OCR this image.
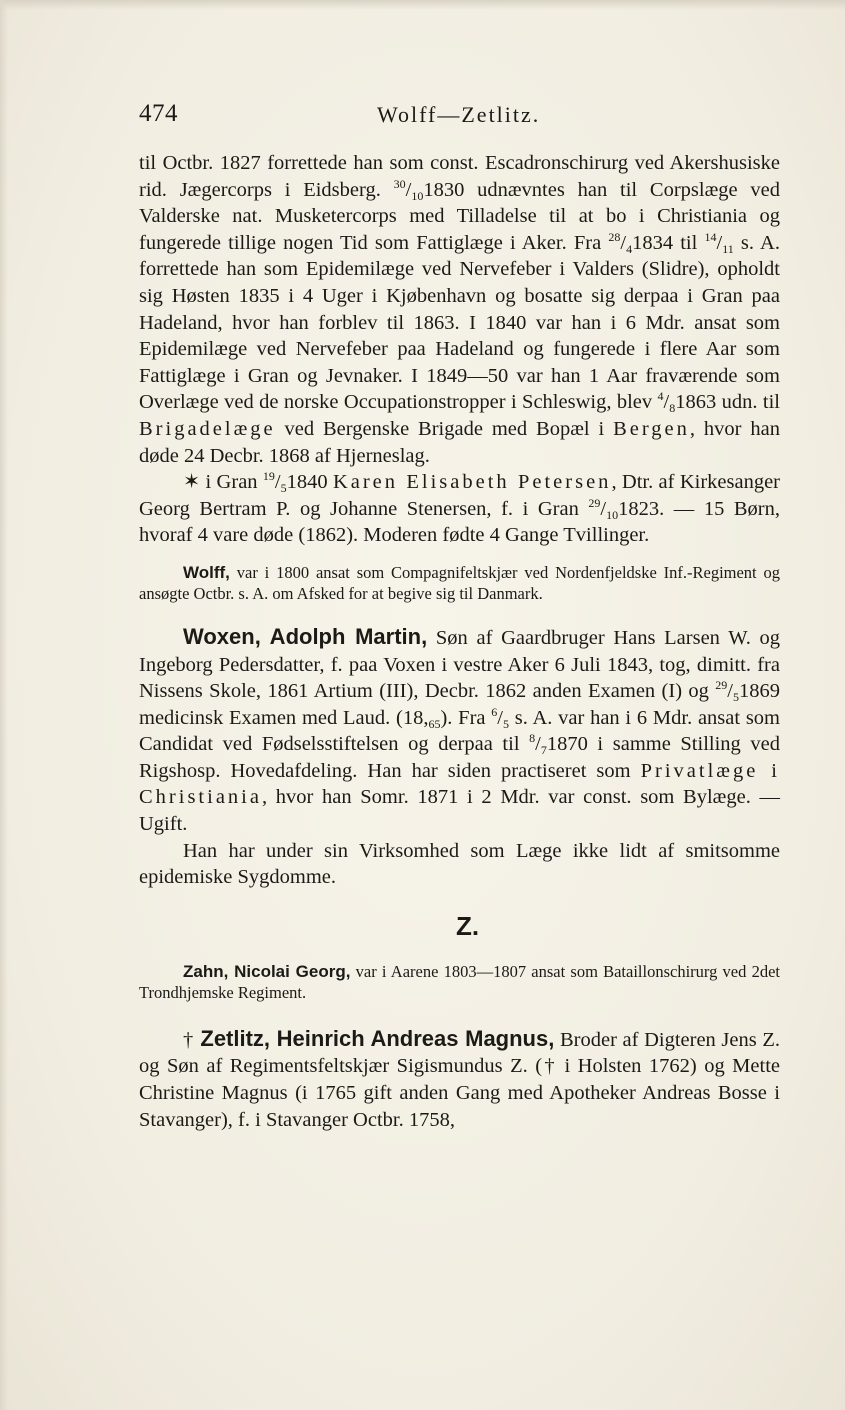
474	Wolff—Zetlitz.

til Octbr. 1827 forrettede han som const. Escadronschirurg ved Akershusiske rid. Jægercorps i Eidsberg. $^{30}/_{10}1830$ udnævntes han til Corpslæge ved Valderske nat. Musketercorps med Tilladelse til at bo i Christiania og fungerede tillige nogen Tid som Fattiglæge i Aker. Fra $^{28}/_41834$ til $^{14}/_{11}$ s. A. forrettede han som Epidemilæge ved Nervefeber i Valders (Slidre), opholdt sig Høsten 1835 i 4 Uger i Kjøbenhavn og bosatte sig derpaa i Gran paa Hadeland, hvor han forblev til 1863. I 1840 var han i 6 Mdr. ansat som Epidemilæge ved Nervefeber paa Hadeland og fungerede i flere Aar som Fattiglæge i Gran og Jevnaker. I 1849—50 var han 1 Aar fraværende som Overlæge ved de norske Occupationstropper i Schleswig, blev $^4/_81863$ udn. til Brigadelæge ved Bergenske Brigade med Bopæl i Bergen, hvor han døde 24 Decbr. 1868 af Hjerneslag.

✶ i Gran $^{19}/_51840$ Karen Elisabeth Petersen, Dtr. af Kirkesanger Georg Bertram P. og Johanne Stenersen, f. i Gran $^{29}/_{10}1823$. — 15 Børn, hvoraf 4 vare døde (1862). Moderen fødte 4 Gange Tvillinger.

Wolff, var i 1800 ansat som Compagnifeltskjær ved Nordenfjeldske Inf.-Regiment og ansøgte Octbr. s. A. om Afsked for at begive sig til Danmark.

Woxen, Adolph Martin, Søn af Gaardbruger Hans Larsen W. og Ingeborg Pedersdatter, f. paa Voxen i vestre Aker 6 Juli 1843, tog, dimitt. fra Nissens Skole, 1861 Artium (III), Decbr. 1862 anden Examen (I) og $^{29}/_51869$ medicinsk Examen med Laud. $(18,_{65})$. Fra $^6/_5$ s. A. var han i 6 Mdr. ansat som Candidat ved Fødselsstiftelsen og derpaa til $^8/_71870$ i samme Stilling ved Rigshosp. Hovedafdeling. Han har siden practiseret som Privatlæge i Christiania, hvor han Somr. 1871 i 2 Mdr. var const. som Bylæge. — Ugift.

Han har under sin Virksomhed som Læge ikke lidt af smitsomme epidemiske Sygdomme.

Z.

Zahn, Nicolai Georg, var i Aarene 1803—1807 ansat som Bataillonschirurg ved 2det Trondhjemske Regiment.

† Zetlitz, Heinrich Andreas Magnus, Broder af Digteren Jens Z. og Søn af Regimentsfeltskjær Sigismundus Z. († i Holsten 1762) og Mette Christine Magnus (i 1765 gift anden Gang med Apotheker Andreas Bosse i Stavanger), f. i Stavanger Octbr. 1758,
